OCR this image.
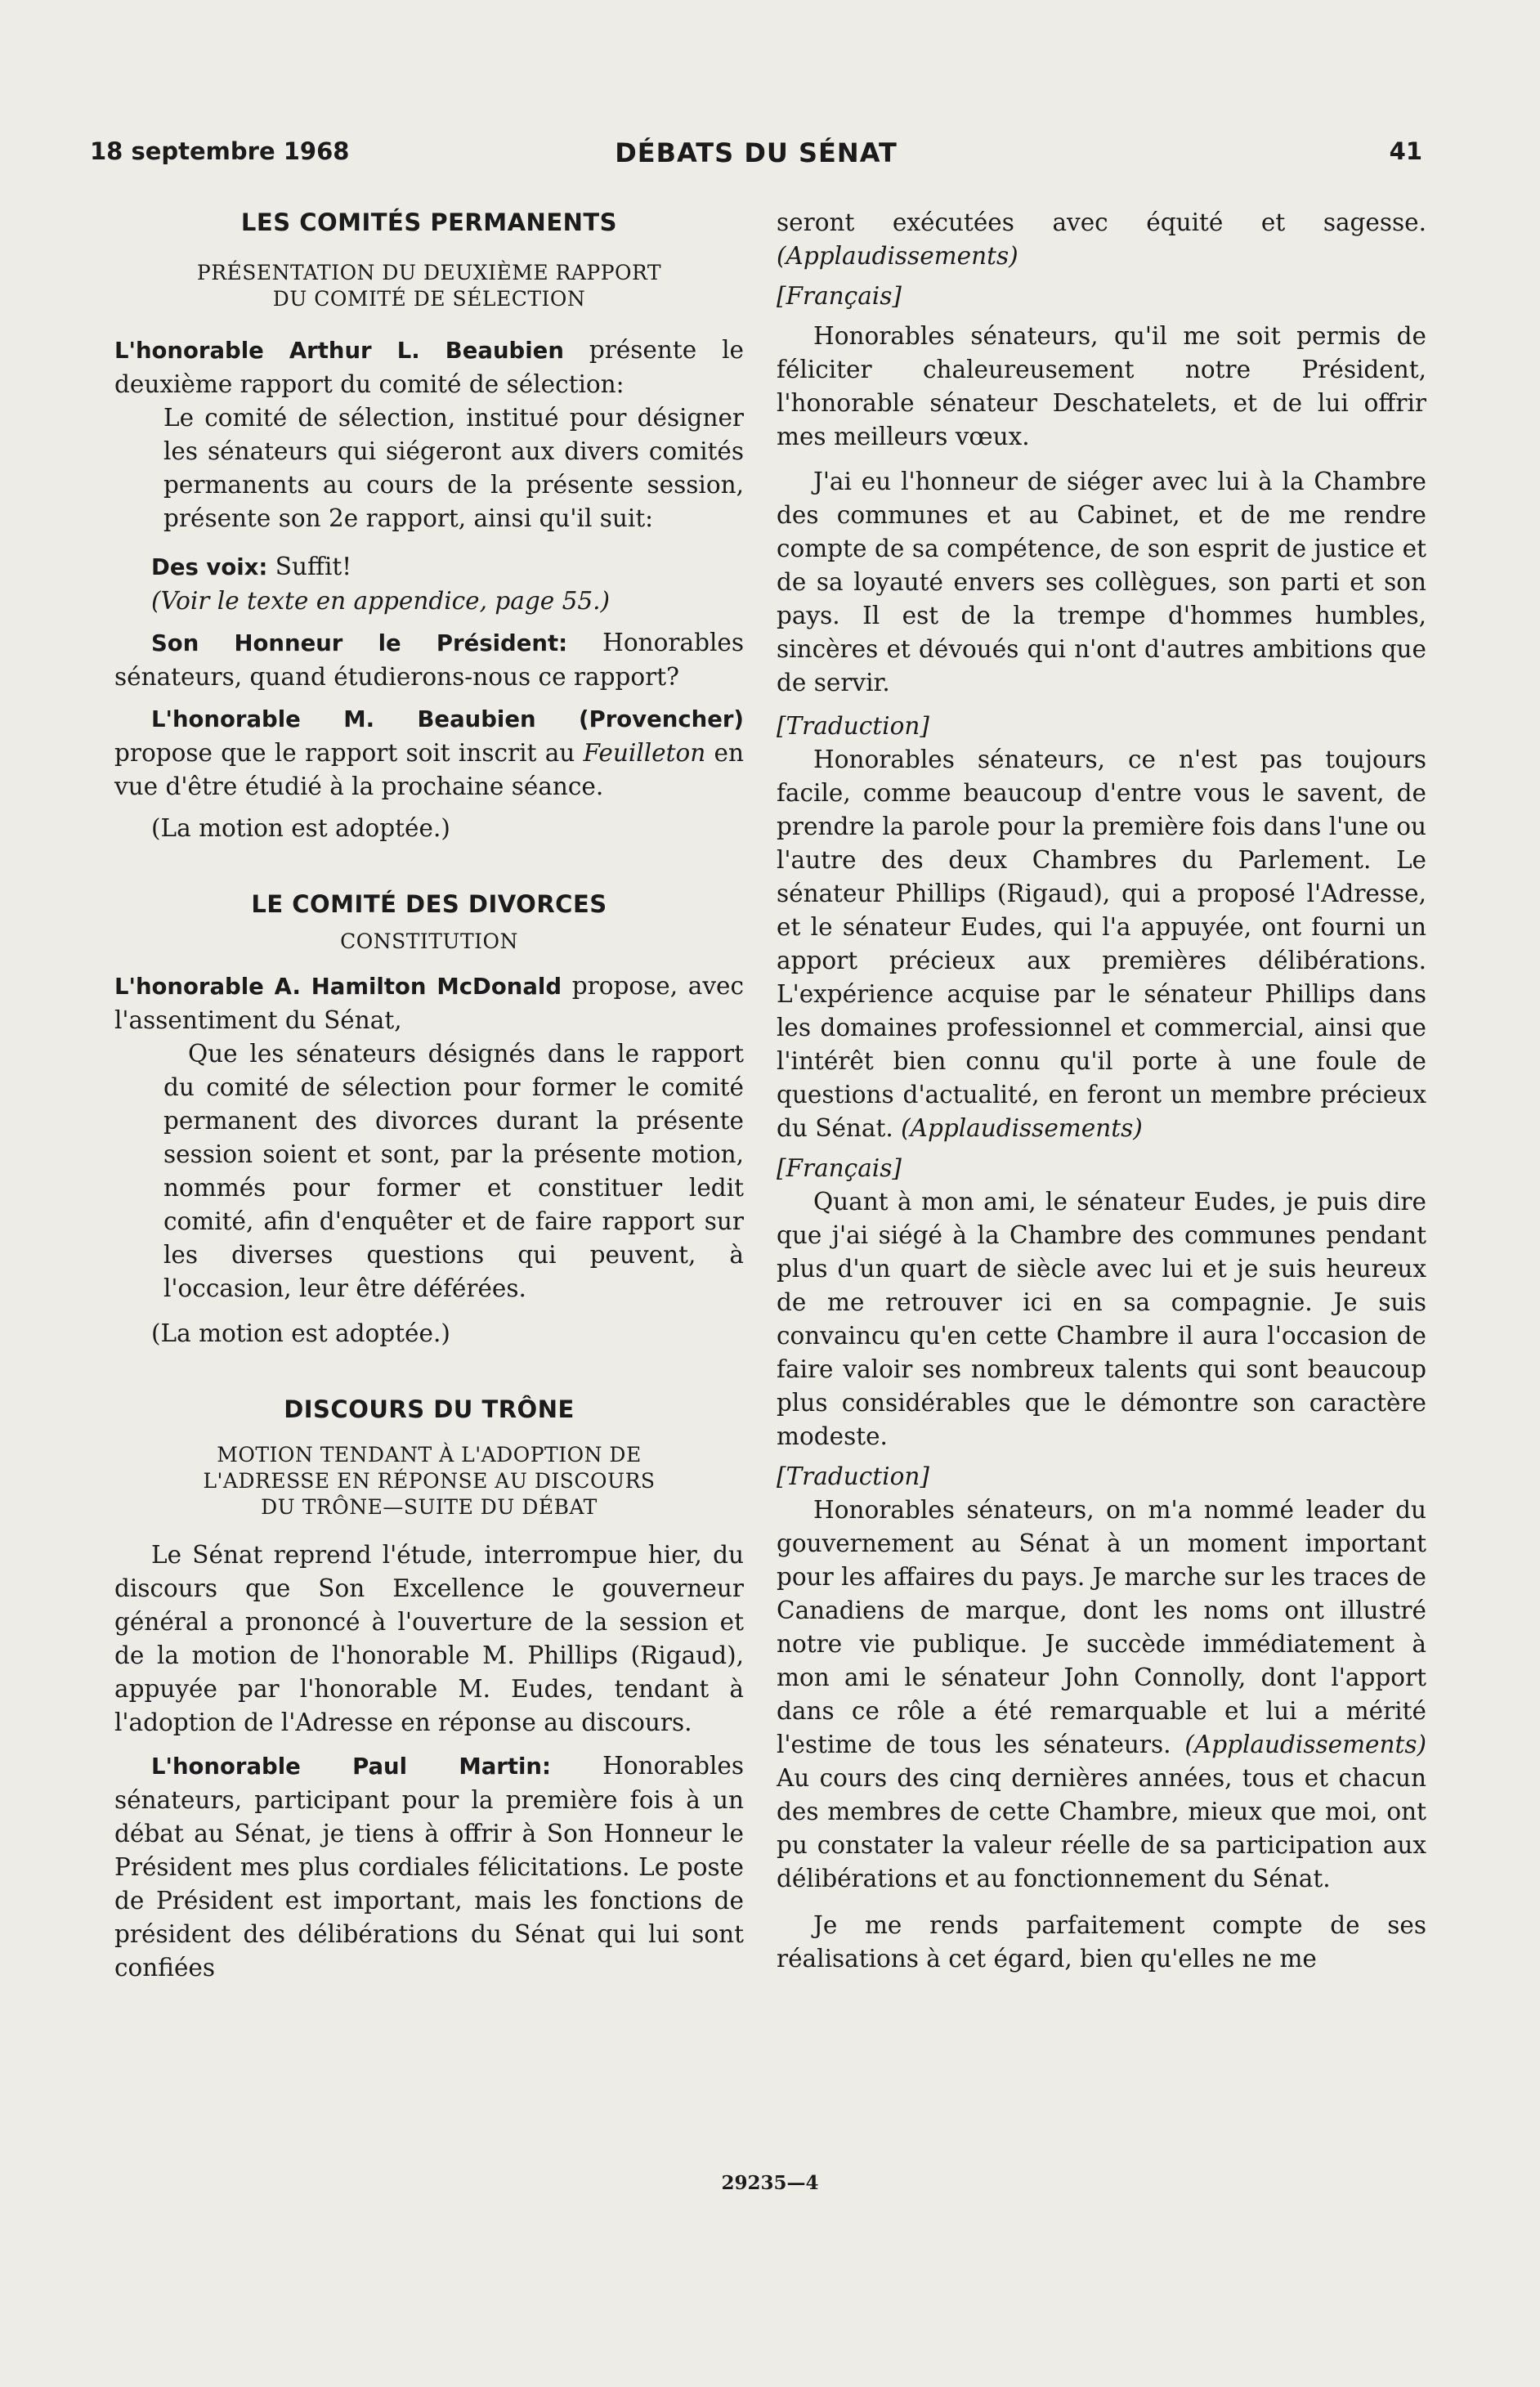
18 septembre 1968	DÉBATS DU SÉNAT	41

LES COMITÉS PERMANENTS

PRÉSENTATION DU DEUXIÈME RAPPORT

DU COMITÉ DE SÉLECTION

L'honorable Arthur L. Beaubien présente le deuxième rapport du comité de sélection:

Le comité de sélection, institué pour désigner les sénateurs qui siégeront aux divers comités permanents au cours de la présente session, présente son 2e rapport, ainsi qu'il suit:

Des voix: Suffit!

(Voir le texte en appendice, page 55.)

Son Honneur le Président: Honorables sénateurs, quand étudierons-nous ce rapport?

L'honorable M. Beaubien (Provencher) propose que le rapport soit inscrit au Feuilleton en vue d'être étudié à la prochaine séance.

(La motion est adoptée.)

LE COMITÉ DES DIVORCES

CONSTITUTION

L'honorable A. Hamilton McDonald propose, avec l'assentiment du Sénat,

Que les sénateurs désignés dans le rapport du comité de sélection pour former le comité permanent des divorces durant la présente session soient et sont, par la présente motion, nommés pour former et constituer ledit comité, afin d'enquêter et de faire rapport sur les diverses questions qui peuvent, à l'occasion, leur être déférées.

(La motion est adoptée.)

DISCOURS DU TRÔNE

MOTION TENDANT À L'ADOPTION DE

L'ADRESSE EN RÉPONSE AU DISCOURS

DU TRÔNE—SUITE DU DÉBAT

Le Sénat reprend l'étude, interrompue hier, du discours que Son Excellence le gouverneur général a prononcé à l'ouverture de la session et de la motion de l'honorable M. Phillips (Rigaud), appuyée par l'honorable M. Eudes, tendant à l'adoption de l'Adresse en réponse au discours.

L'honorable Paul Martin: Honorables sénateurs, participant pour la première fois à un débat au Sénat, je tiens à offrir à Son Honneur le Président mes plus cordiales félicitations. Le poste de Président est important, mais les fonctions de président des délibérations du Sénat qui lui sont confiées

seront exécutées avec équité et sagesse. (Applaudissements)

[Français]

Honorables sénateurs, qu'il me soit permis de féliciter chaleureusement notre Président, l'honorable sénateur Deschatelets, et de lui offrir mes meilleurs vœux.

J'ai eu l'honneur de siéger avec lui à la Chambre des communes et au Cabinet, et de me rendre compte de sa compétence, de son esprit de justice et de sa loyauté envers ses collègues, son parti et son pays. Il est de la trempe d'hommes humbles, sincères et dévoués qui n'ont d'autres ambitions que de servir.

[Traduction]

Honorables sénateurs, ce n'est pas toujours facile, comme beaucoup d'entre vous le savent, de prendre la parole pour la première fois dans l'une ou l'autre des deux Chambres du Parlement. Le sénateur Phillips (Rigaud), qui a proposé l'Adresse, et le sénateur Eudes, qui l'a appuyée, ont fourni un apport précieux aux premières délibérations. L'expérience acquise par le sénateur Phillips dans les domaines professionnel et commercial, ainsi que l'intérêt bien connu qu'il porte à une foule de questions d'actualité, en feront un membre précieux du Sénat. (Applaudissements)

[Français]

Quant à mon ami, le sénateur Eudes, je puis dire que j'ai siégé à la Chambre des communes pendant plus d'un quart de siècle avec lui et je suis heureux de me retrouver ici en sa compagnie. Je suis convaincu qu'en cette Chambre il aura l'occasion de faire valoir ses nombreux talents qui sont beaucoup plus considérables que le démontre son caractère modeste.

[Traduction]

Honorables sénateurs, on m'a nommé leader du gouvernement au Sénat à un moment important pour les affaires du pays. Je marche sur les traces de Canadiens de marque, dont les noms ont illustré notre vie publique. Je succède immédiatement à mon ami le sénateur John Connolly, dont l'apport dans ce rôle a été remarquable et lui a mérité l'estime de tous les sénateurs. (Applaudissements) Au cours des cinq dernières années, tous et chacun des membres de cette Chambre, mieux que moi, ont pu constater la valeur réelle de sa participation aux délibérations et au fonctionnement du Sénat.

Je me rends parfaitement compte de ses réalisations à cet égard, bien qu'elles ne me

29235—4
